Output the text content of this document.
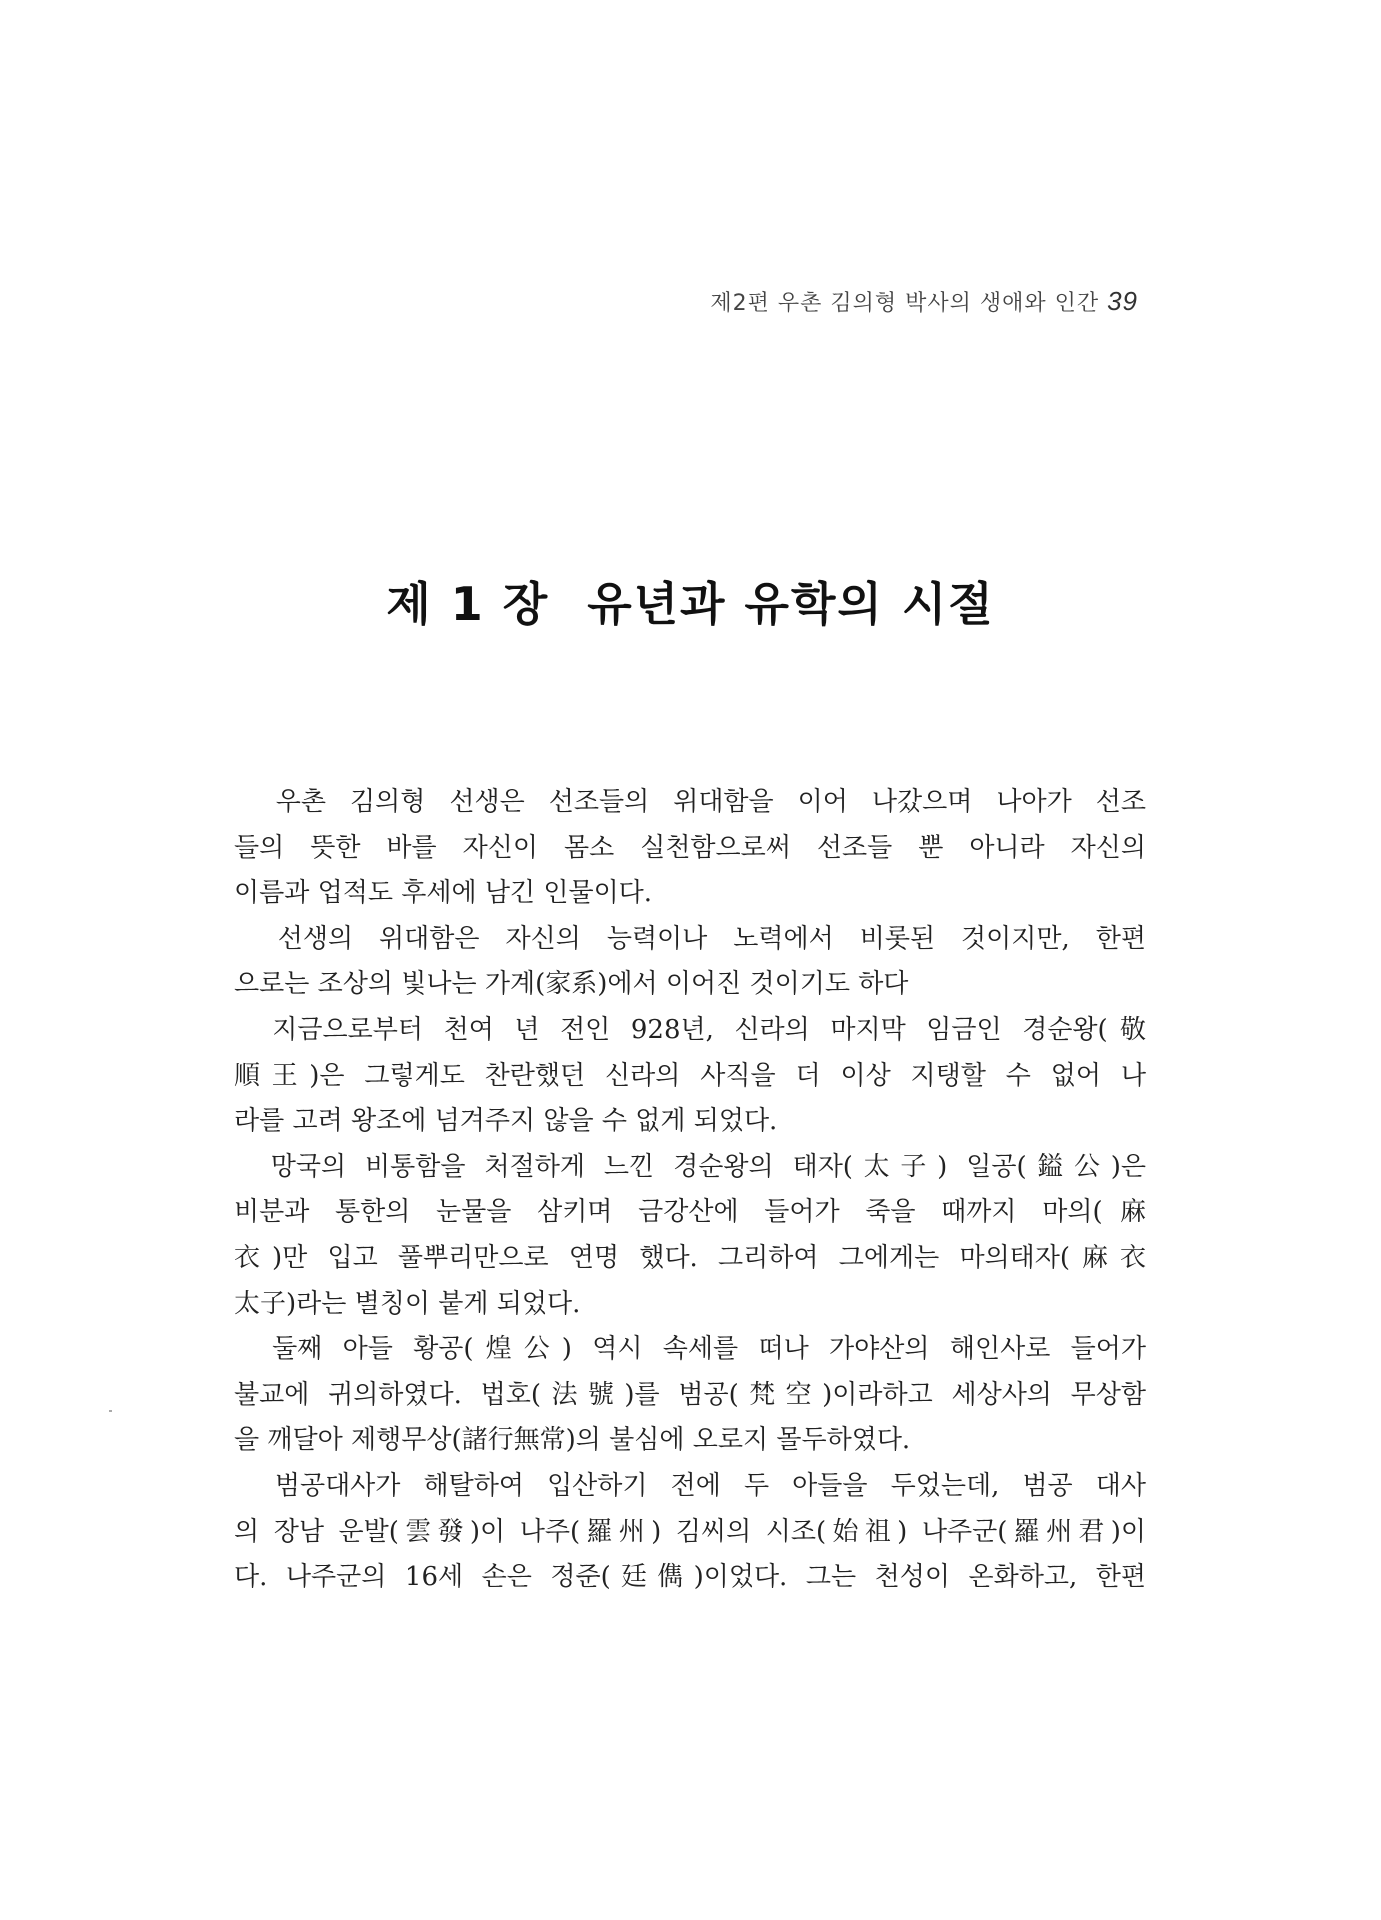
제2편 우촌 김의형 박사의 생애와 인간 39
제 1 장 유년과 유학의 시절

　우촌 김의형 선생은 선조들의 위대함을 이어 나갔으며 나아가 선조
들의 뜻한 바를 자신이 몸소 실천함으로써 선조들 뿐 아니라 자신의
이름과 업적도 후세에 남긴 인물이다.

　선생의 위대함은 자신의 능력이나 노력에서 비롯된 것이지만, 한편
으로는 조상의 빛나는 가계(家系)에서 이어진 것이기도 하다

　지금으로부터 천여 년 전인 928년, 신라의 마지막 임금인 경순왕(敬
順王)은 그렇게도 찬란했던 신라의 사직을 더 이상 지탱할 수 없어 나
라를 고려 왕조에 넘겨주지 않을 수 없게 되었다.

　망국의 비통함을 처절하게 느낀 경순왕의 태자(太子) 일공(鎰公)은
비분과 통한의 눈물을 삼키며 금강산에 들어가 죽을 때까지 마의(麻
衣)만 입고 풀뿌리만으로 연명 했다. 그리하여 그에게는 마의태자(麻衣
太子)라는 별칭이 붙게 되었다.

　둘째 아들 황공(煌公) 역시 속세를 떠나 가야산의 해인사로 들어가
불교에 귀의하였다. 법호(法號)를 범공(梵空)이라하고 세상사의 무상함
을 깨달아 제행무상(諸行無常)의 불심에 오로지 몰두하였다.

　범공대사가 해탈하여 입산하기 전에 두 아들을 두었는데, 범공 대사
의 장남 운발(雲發)이 나주(羅州) 김씨의 시조(始祖) 나주군(羅州君)이
다. 나주군의 16세 손은 정준(廷儁)이었다. 그는 천성이 온화하고, 한편
